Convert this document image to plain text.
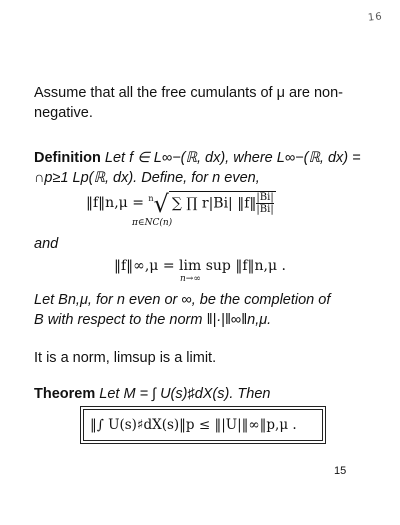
16

Assume that all the free cumulants of μ are non-negative.

Definition Let f ∈ L∞−(ℝ, dx), where L∞−(ℝ, dx) =
∩p≥1 Lp(ℝ, dx). Define, for n even,

‖f‖n,μ = $^n$√ ∑ ∏ r|Bi| ‖f‖ $\frac{|Bi|}{|Bi|}$
π∈NC(n)

and

‖f‖∞,μ = lim sup ‖f‖n,μ .
n→∞

Let Bn,μ, for n even or ∞, be the completion of
B with respect to the norm ‖|·|‖∞‖n,μ.

It is a norm, limsup is a limit.

Theorem Let M = ∫ U(s)♯dX(s). Then

‖∫ U(s)♯dX(s)‖p ≤ ‖|U|‖∞‖p,μ .
15
